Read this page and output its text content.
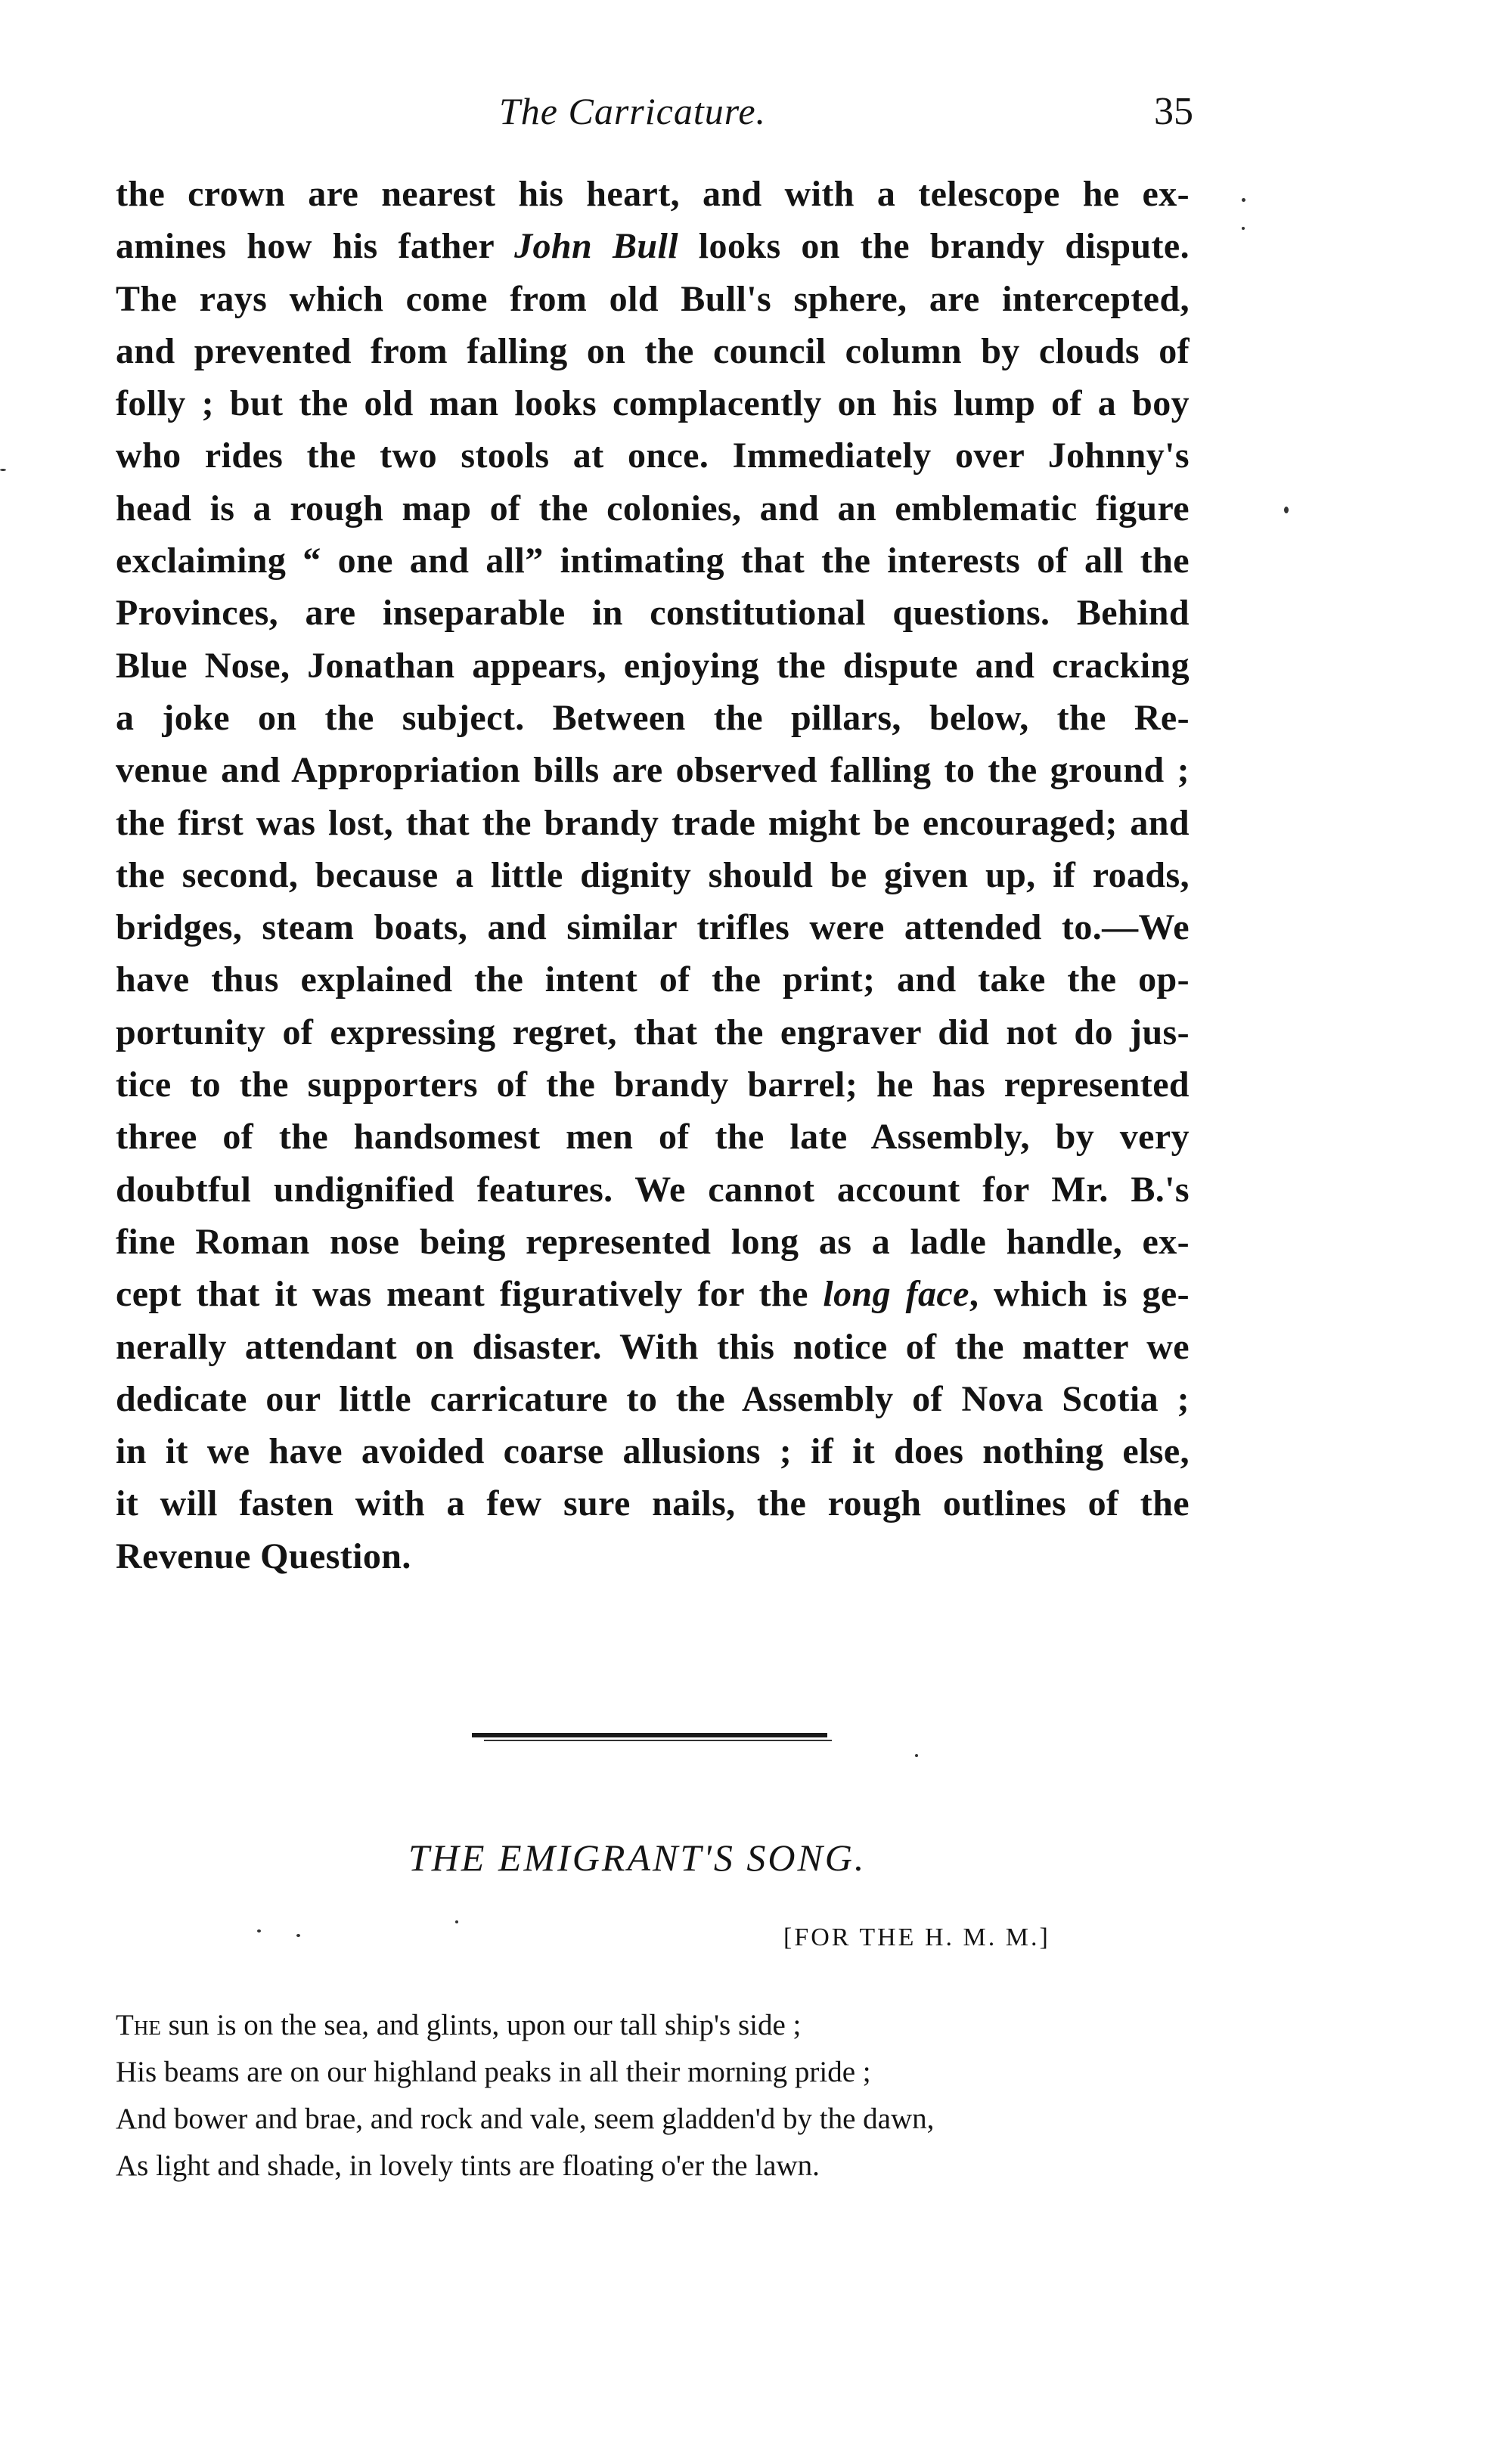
The Carricature.	35
the crown are nearest his heart, and with a telescope he ex-
amines how his father John Bull looks on the brandy dispute.
The rays which come from old Bull's sphere, are intercepted,
and prevented from falling on the council column by clouds of
folly ; but the old man looks complacently on his lump of a boy
who rides the two stools at once. Immediately over Johnny's
head is a rough map of the colonies, and an emblematic figure
exclaiming “ one and all” intimating that the interests of all the
Provinces, are inseparable in constitutional questions. Behind
Blue Nose, Jonathan appears, enjoying the dispute and cracking
a joke on the subject. Between the pillars, below, the Re-
venue and Appropriation bills are observed falling to the ground ;
the first was lost, that the brandy trade might be encouraged; and
the second, because a little dignity should be given up, if roads,
bridges, steam boats, and similar trifles were attended to.—We
have thus explained the intent of the print; and take the op-
portunity of expressing regret, that the engraver did not do jus-
tice to the supporters of the brandy barrel; he has represented
three of the handsomest men of the late Assembly, by very
doubtful undignified features. We cannot account for Mr. B.'s
fine Roman nose being represented long as a ladle handle, ex-
cept that it was meant figuratively for the long face, which is ge-
nerally attendant on disaster. With this notice of the matter we
dedicate our little carricature to the Assembly of Nova Scotia ;
in it we have avoided coarse allusions ; if it does nothing else,
it will fasten with a few sure nails, the rough outlines of the
Revenue Question.
THE EMIGRANT'S SONG.
[FOR THE H. M. M.]
The sun is on the sea, and glints, upon our tall ship's side ;
His beams are on our highland peaks in all their morning pride ;
And bower and brae, and rock and vale, seem gladden'd by the dawn,
As light and shade, in lovely tints are floating o'er the lawn.
